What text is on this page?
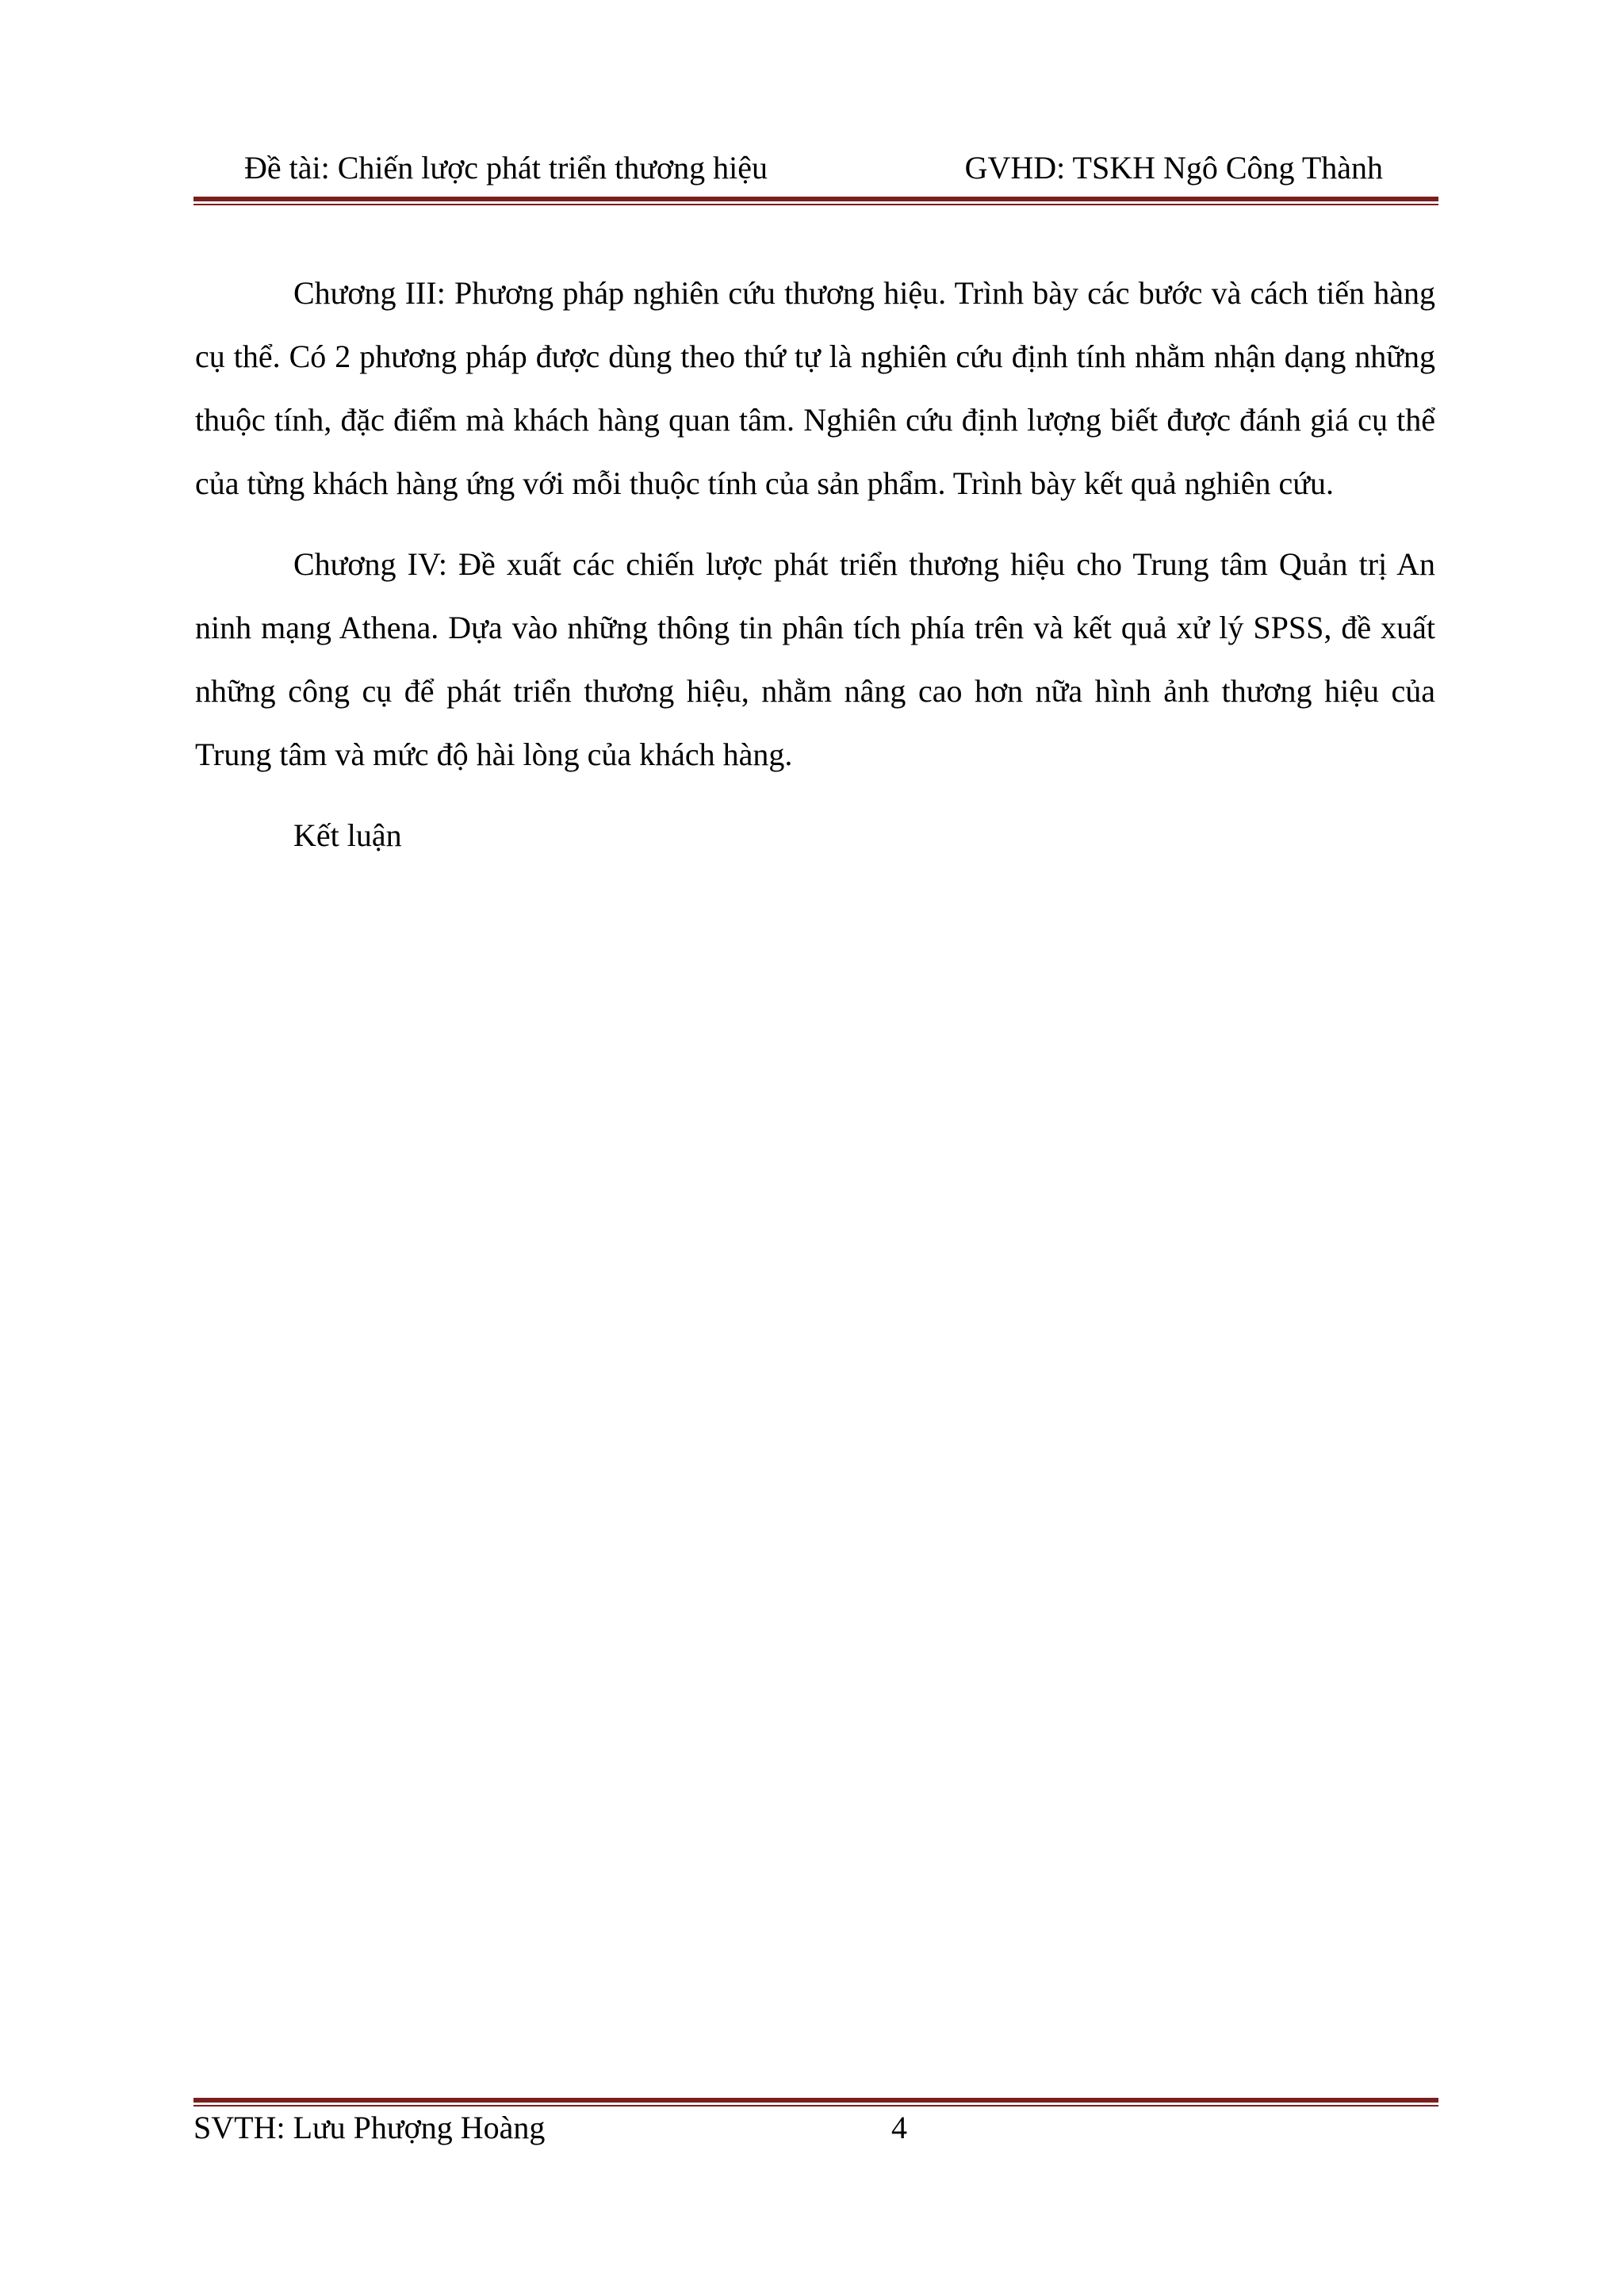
Đề tài: Chiến lược phát triển thương hiệu	GVHD: TSKH Ngô Công Thành

Chương III: Phương pháp nghiên cứu thương hiệu. Trình bày các bước và cách tiến hàng cụ thể. Có 2 phương pháp được dùng theo thứ tự là nghiên cứu định tính nhằm nhận dạng những thuộc tính, đặc điểm mà khách hàng quan tâm. Nghiên cứu định lượng biết được đánh giá cụ thể của từng khách hàng ứng với mỗi thuộc tính của sản phẩm. Trình bày kết quả nghiên cứu.

Chương IV: Đề xuất các chiến lược phát triển thương hiệu cho Trung tâm Quản trị An ninh mạng Athena. Dựa vào những thông tin phân tích phía trên và kết quả xử lý SPSS, đề xuất những công cụ để phát triển thương hiệu, nhằm nâng cao hơn nữa hình ảnh thương hiệu của Trung tâm và mức độ hài lòng của khách hàng.

Kết luận

SVTH: Lưu Phượng Hoàng	4
